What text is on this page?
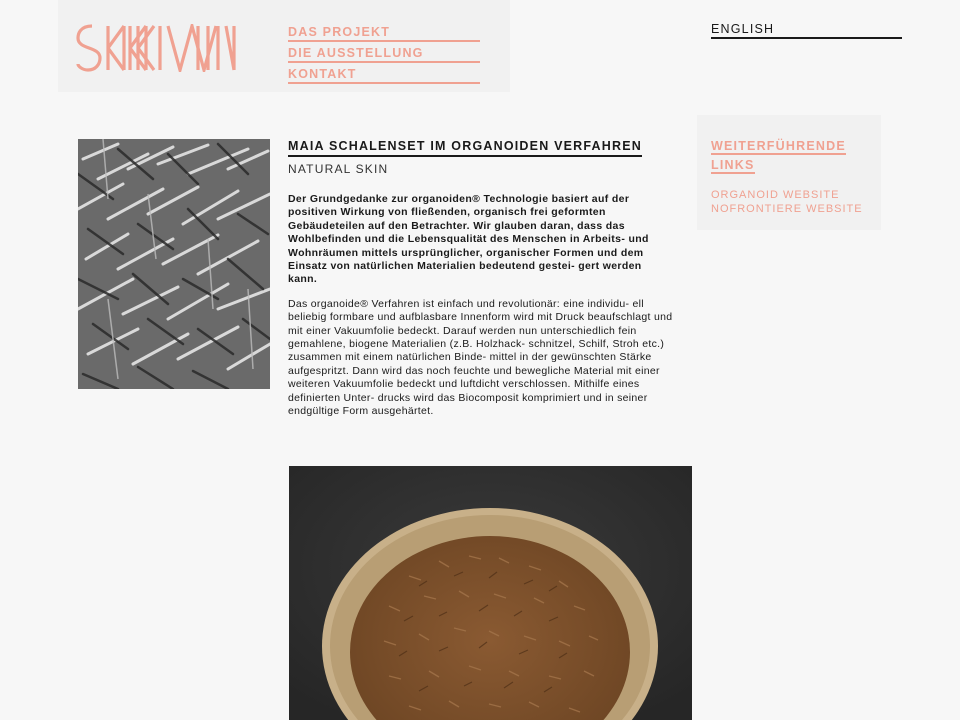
DAS PROJEKT
DIE AUSSTELLUNG
KONTAKT
ENGLISH
MAIA SCHALENSET IM ORGANOIDEN VERFAHREN
NATURAL SKIN

Der Grundgedanke zur organoiden® Technologie basiert auf der positiven Wirkung von fließenden, organisch frei geformten Gebäudeteilen auf den Betrachter. Wir glauben daran, dass das Wohlbefinden und die Lebensqualität des Menschen in Arbeits- und Wohnräumen mittels ursprünglicher, organischer Formen und dem Einsatz von natürlichen Materialien bedeutend gestei- gert werden kann.

Das organoide® Verfahren ist einfach und revolutionär: eine individu- ell beliebig formbare und aufblasbare Innenform wird mit Druck beaufschlagt und mit einer Vakuumfolie bedeckt. Darauf werden nun unterschiedlich fein gemahlene, biogene Materialien (z.B. Holzhack- schnitzel, Schilf, Stroh etc.) zusammen mit einem natürlichen Binde- mittel in der gewünschten Stärke aufgespritzt. Dann wird das noch feuchte und bewegliche Material mit einer weiteren Vakuumfolie bedeckt und luftdicht verschlossen. Mithilfe eines definierten Unter- drucks wird das Biocomposit komprimiert und in seiner endgültige Form ausgehärtet.

WEITERFÜHRENDE LINKS
ORGANOID WEBSITE
NOFRONTIERE WEBSITE
